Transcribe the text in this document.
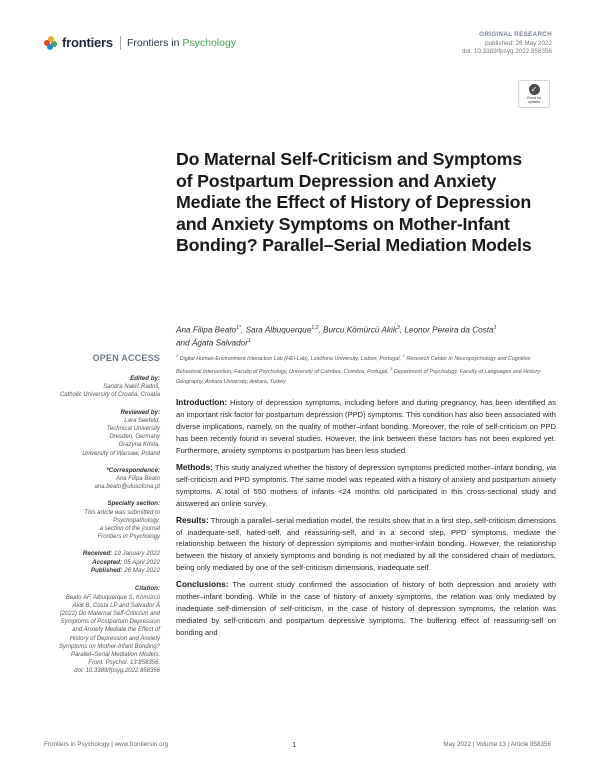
frontiers Frontiers in Psychology
ORIGINAL RESEARCH
published: 26 May 2022
doi: 10.3389/fpsyg.2022.858356
✓
Check for
updates
Do Maternal Self-Criticism and Symptoms of Postpartum Depression and Anxiety Mediate the Effect of History of Depression and Anxiety Symptoms on Mother-Infant Bonding? Parallel–Serial Mediation Models
Ana Filipa Beato$^{1*}$, Sara Albuquerque$^{1,2}$, Burcu Kömürcü Akik$^3$, Leonor Pereira da Costa$^1$
and Ágata Salvador$^1$
$^1$ Digital Human-Environment Interaction Lab (HEI-Lab), Lusófona University, Lisbon, Portugal, $^2$ Research Center in Neuropsychology and Cognitive Behavioral Intervention, Faculty of Psychology, University of Coimbra, Coimbra, Portugal, $^3$ Department of Psychology, Faculty of Languages and History-Geography, Ankara University, Ankara, Turkey
OPEN ACCESS
Edited by:
Sandra Nakić Radoš,
Catholic University of Croatia, Croatia
Reviewed by:
Lara Seefeld,
Technical University
Dresden, Germany
Grazyna Kmita,
University of Warsaw, Poland
*Correspondence:
Ana Filipa Beato
ana.beato@ulusofona.pt
Specialty section:
This article was submitted to
Psychopathology,
a section of the journal
Frontiers in Psychology
Received: 19 January 2022
Accepted: 05 April 2022
Published: 26 May 2022
Citation:
Beato AF, Albuquerque S, Kömürcü
Akik B, Costa LP and Salvador Á
(2022) Do Maternal Self-Criticism and
Symptoms of Postpartum Depression
and Anxiety Mediate the Effect of
History of Depression and Anxiety
Symptoms on Mother-Infant Bonding?
Parallel–Serial Mediation Models.
Front. Psychol. 13:858356.
doi: 10.3389/fpsyg.2022.858356

Introduction: History of depression symptoms, including before and during pregnancy, has been identified as an important risk factor for postpartum depression (PPD) symptoms. This condition has also been associated with diverse implications, namely, on the quality of mother–infant bonding. Moreover, the role of self-criticism on PPD has been recently found in several studies. However, the link between these factors has not been explored yet. Furthermore, anxiety symptoms in postpartum has been less studied.

Methods: This study analyzed whether the history of depression symptoms predicted mother–infant bonding, via self-criticism and PPD symptoms. The same model was repeated with a history of anxiety and postpartum anxiety symptoms. A total of 550 mothers of infants <24 months old participated in this cross-sectional study and answered an online survey.

Results: Through a parallel–serial mediation model, the results show that in a first step, self-criticism dimensions of inadequate-self, hated-self, and reassuring-self, and in a second step, PPD symptoms, mediate the relationship between the history of depression symptoms and mother-infant bonding. However, the relationship between the history of anxiety symptoms and bonding is not mediated by all the considered chain of mediators, being only mediated by one of the self-criticism dimensions, inadequate self.

Conclusions: The current study confirmed the association of history of both depression and anxiety with mother–infant bonding. While in the case of history of anxiety symptoms, the relation was only mediated by inadequate self-dimension of self-criticism, in the case of history of depression symptoms, the relation was mediated by self-criticism and postpartum depressive symptoms. The buffering effect of reassuring-self on bonding and

Frontiers in Psychology | www.frontiersin.org	1	May 2022 | Volume 13 | Article 858356
